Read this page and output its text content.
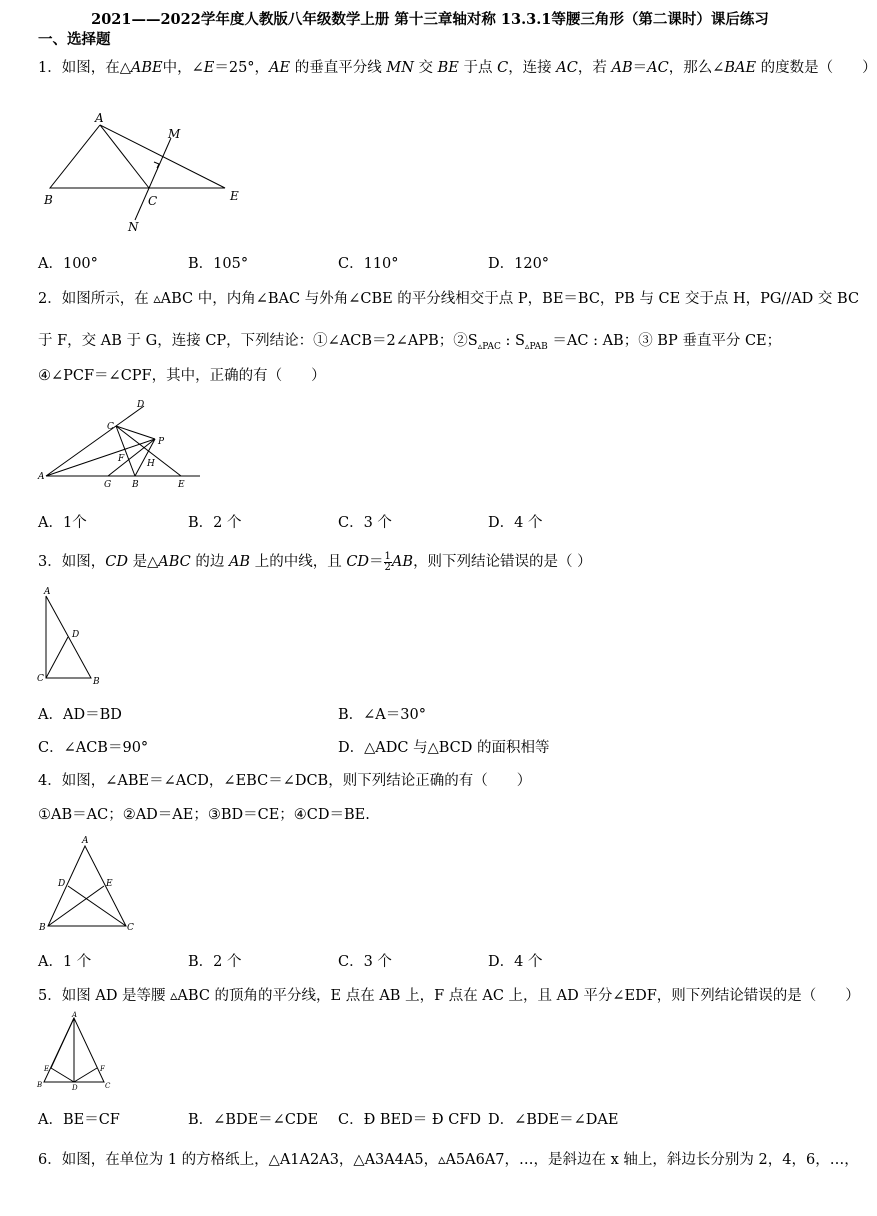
2021——2022学年度人教版八年级数学上册 第十三章轴对称 13.3.1等腰三角形（第二课时）课后练习
一、选择题
1．如图，在△ABE中，∠E＝25°，AE 的垂直平分线 MN 交 BE 于点 C，连接 AC，若 AB＝AC，那么∠BAE 的度数是（　　）
A
M
B	C	E
N
A．100°	B．105°	C．110°	D．120°
2．如图所示，在 ▵ABC 中，内角∠BAC 与外角∠CBE 的平分线相交于点 P，BE＝BC，PB 与 CE 交于点 H，PG//AD 交 BC
于 F，交 AB 于 G，连接 CP，下列结论：①∠ACB＝2∠APB；$②S_{▵PAC}$ : $S_{▵PAB} =AC$ : AB；③ BP 垂直平分 CE；
④∠PCF＝∠CPF，其中，正确的有（　　）
D
C
P
F	H
A
G B	E
A．1个	B．2 个	C．3 个	D．4 个
3．如图，CD 是△ABC 的边 AB 上的中线，且 $CD= \frac{1}{2}$ AB，则下列结论错误的是（ ）
A
D
C	B
A．AD＝BD	B．∠A＝30°
C．∠ACB＝90°	D．△ADC 与△BCD 的面积相等
4．如图，∠ABE＝∠ACD，∠EBC＝∠DCB，则下列结论正确的有（　　）
①AB＝AC；②AD＝AE；③BD＝CE；④CD＝BE.
A
D	E
B	C
A．1 个	B．2 个	C．3 个	D．4 个
5．如图 AD 是等腰 ▵ABC 的顶角的平分线，E 点在 AB 上，F 点在 AC 上，且 AD 平分∠EDF，则下列结论错误的是（　　）
A
E	F
B	D	C
A．BE＝CF	B．∠BDE＝∠CDE C．Đ BED＝ Đ CFD D．∠BDE＝∠DAE
6．如图，在单位为 1 的方格纸上，△A1A2A3，△A3A4A5，▵A5A6A7，…，是斜边在 x 轴上，斜边长分别为 2，4，6，…，
